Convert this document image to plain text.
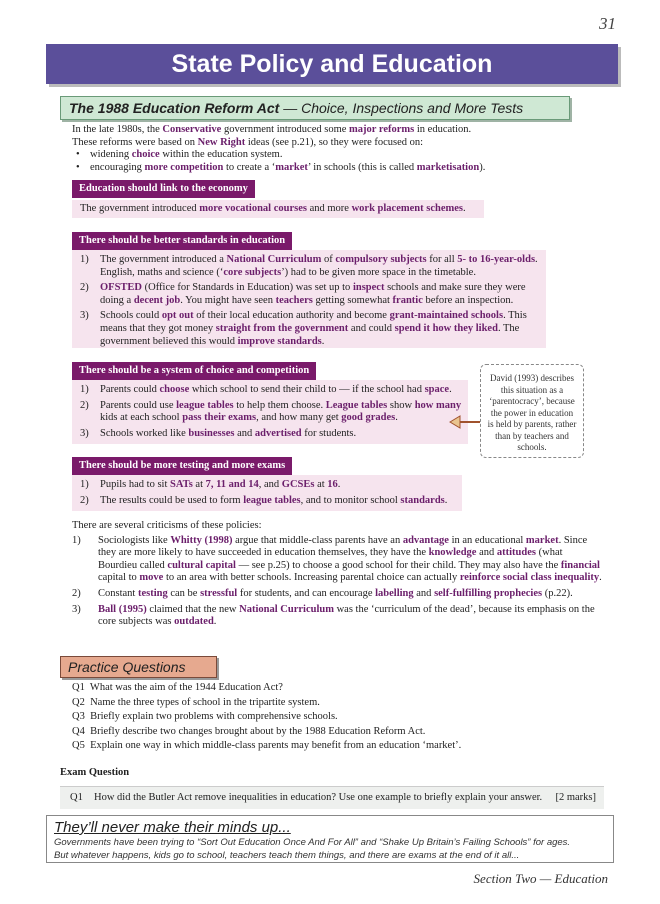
31
State Policy and Education
The 1988 Education Reform Act — Choice, Inspections and More Tests
In the late 1980s, the Conservative government introduced some major reforms in education.
These reforms were based on New Right ideas (see p.21), so they were focused on:
• widening choice within the education system.
• encouraging more competition to create a ‘market’ in schools (this is called marketisation).
Education should link to the economy
The government introduced more vocational courses and more work placement schemes.
There should be better standards in education
1) The government introduced a National Curriculum of compulsory subjects for all 5- to 16-year-olds. English, maths and science (‘core subjects’) had to be given more space in the timetable.
2) OFSTED (Office for Standards in Education) was set up to inspect schools and make sure they were doing a decent job. You might have seen teachers getting somewhat frantic before an inspection.
3) Schools could opt out of their local education authority and become grant-maintained schools. This means that they got money straight from the government and could spend it how they liked. The government believed this would improve standards.
There should be a system of choice and competition
1) Parents could choose which school to send their child to — if the school had space.
2) Parents could use league tables to help them choose. League tables show how many kids at each school pass their exams, and how many get good grades.
3) Schools worked like businesses and advertised for students.
David (1993) describes this situation as a ‘parentocracy’, because the power in education is held by parents, rather than by teachers and schools.
There should be more testing and more exams
1) Pupils had to sit SATs at 7, 11 and 14, and GCSEs at 16.
2) The results could be used to form league tables, and to monitor school standards.
There are several criticisms of these policies:
1) Sociologists like Whitty (1998) argue that middle-class parents have an advantage in an educational market. Since they are more likely to have succeeded in education themselves, they have the knowledge and attitudes (what Bourdieu called cultural capital — see p.25) to choose a good school for their child. They may also have the financial capital to move to an area with better schools. Increasing parental choice can actually reinforce social class inequality.
2) Constant testing can be stressful for students, and can encourage labelling and self-fulfilling prophecies (p.22).
3) Ball (1995) claimed that the new National Curriculum was the ‘curriculum of the dead’, because its emphasis on the core subjects was outdated.
Practice Questions
Q1 What was the aim of the 1944 Education Act?
Q2 Name the three types of school in the tripartite system.
Q3 Briefly explain two problems with comprehensive schools.
Q4 Briefly describe two changes brought about by the 1988 Education Reform Act.
Q5 Explain one way in which middle-class parents may benefit from an education ‘market’.
Exam Question
Q1 How did the Butler Act remove inequalities in education? Use one example to briefly explain your answer. [2 marks]
They’ll never make their minds up...

Governments have been trying to “Sort Out Education Once And For All” and “Shake Up Britain’s Failing Schools” for ages.

But whatever happens, kids go to school, teachers teach them things, and there are exams at the end of it all...

Section Two — Education
